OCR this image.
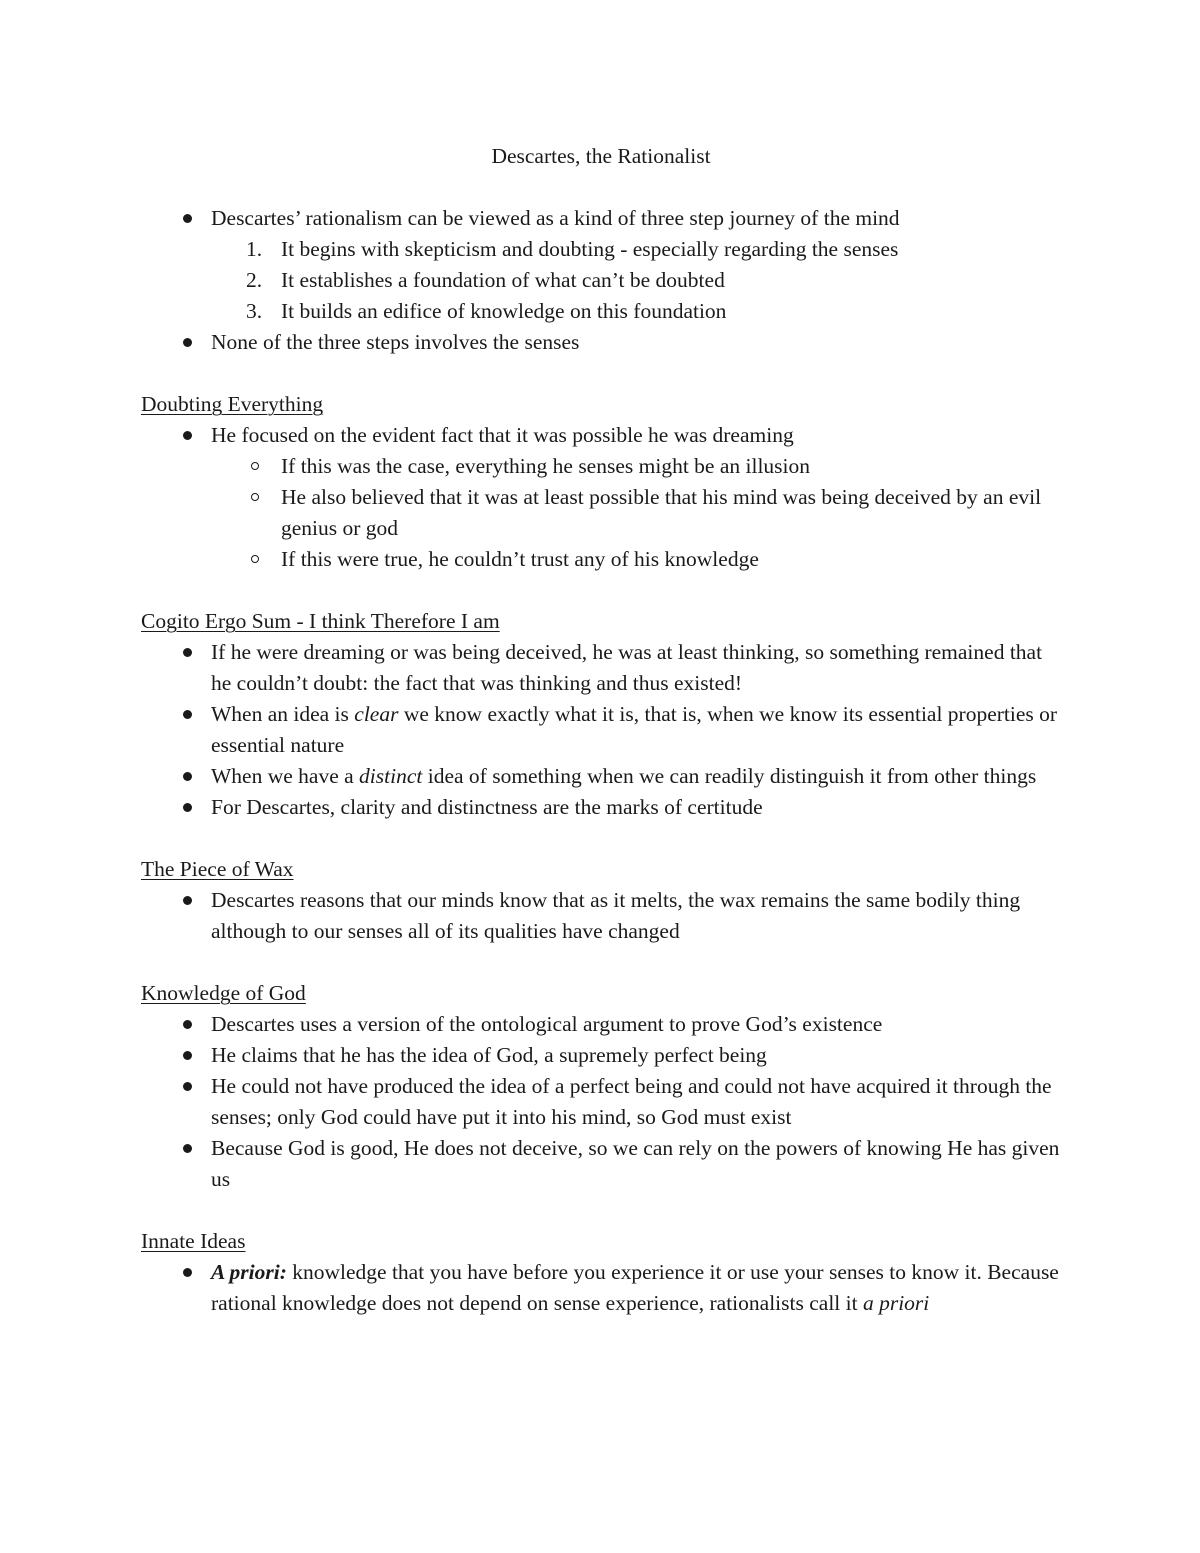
Descartes, the Rationalist
Descartes’ rationalism can be viewed as a kind of three step journey of the mind
1. It begins with skepticism and doubting - especially regarding the senses
2. It establishes a foundation of what can’t be doubted
3. It builds an edifice of knowledge on this foundation
None of the three steps involves the senses
Doubting Everything
He focused on the evident fact that it was possible he was dreaming
If this was the case, everything he senses might be an illusion
He also believed that it was at least possible that his mind was being deceived by an evil genius or god
If this were true, he couldn’t trust any of his knowledge
Cogito Ergo Sum - I think Therefore I am
If he were dreaming or was being deceived, he was at least thinking, so something remained that he couldn’t doubt: the fact that was thinking and thus existed!
When an idea is clear we know exactly what it is, that is, when we know its essential properties or essential nature
When we have a distinct idea of something when we can readily distinguish it from other things
For Descartes, clarity and distinctness are the marks of certitude
The Piece of Wax
Descartes reasons that our minds know that as it melts, the wax remains the same bodily thing although to our senses all of its qualities have changed
Knowledge of God
Descartes uses a version of the ontological argument to prove God’s existence
He claims that he has the idea of God, a supremely perfect being
He could not have produced the idea of a perfect being and could not have acquired it through the senses; only God could have put it into his mind, so God must exist
Because God is good, He does not deceive, so we can rely on the powers of knowing He has given us
Innate Ideas
A priori: knowledge that you have before you experience it or use your senses to know it. Because rational knowledge does not depend on sense experience, rationalists call it a priori
